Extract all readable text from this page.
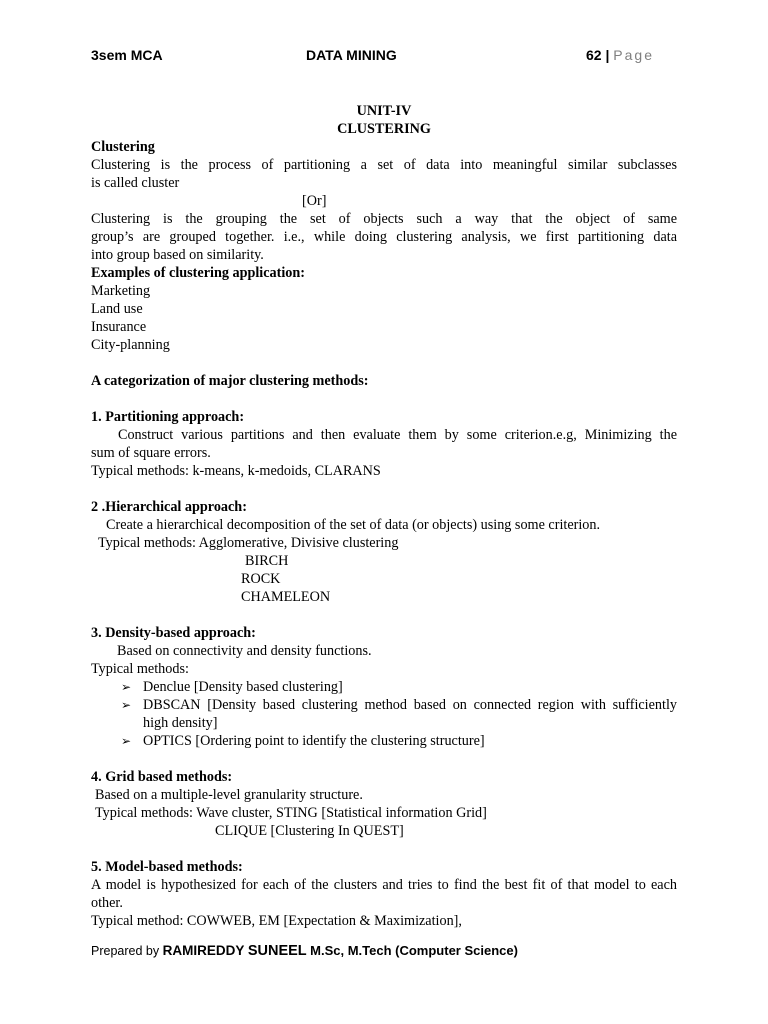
3sem MCA	DATA MINING	62 | Page
UNIT-IV
CLUSTERING
Clustering
Clustering is the process of partitioning a set of data into meaningful similar subclasses
is called cluster
[Or]
Clustering is the grouping the set of objects such a way that the object of same
group’s are grouped together. i.e., while doing clustering analysis, we first partitioning data
into group based on similarity.
Examples of clustering application:
Marketing
Land use
Insurance
City-planning
A categorization of major clustering methods:
1. Partitioning approach:
Construct various partitions and then evaluate them by some criterion.e.g, Minimizing the
sum of square errors.
Typical methods: k-means, k-medoids, CLARANS
2 .Hierarchical approach:
Create a hierarchical decomposition of the set of data (or objects) using some criterion.
Typical methods: Agglomerative, Divisive clustering
BIRCH
ROCK
CHAMELEON
3. Density-based approach:
Based on connectivity and density functions.
Typical methods:
➢ Denclue [Density based clustering]
➢ DBSCAN [Density based clustering method based on connected region with sufficiently
high density]
➢ OPTICS [Ordering point to identify the clustering structure]
4. Grid based methods:
Based on a multiple-level granularity structure.
Typical methods: Wave cluster, STING [Statistical information Grid]
CLIQUE [Clustering In QUEST]
5. Model-based methods:
A model is hypothesized for each of the clusters and tries to find the best fit of that model to each
other.
Typical method: COWWEB, EM [Expectation & Maximization],
Prepared by RAMIREDDY SUNEEL M.Sc, M.Tech (Computer Science)
